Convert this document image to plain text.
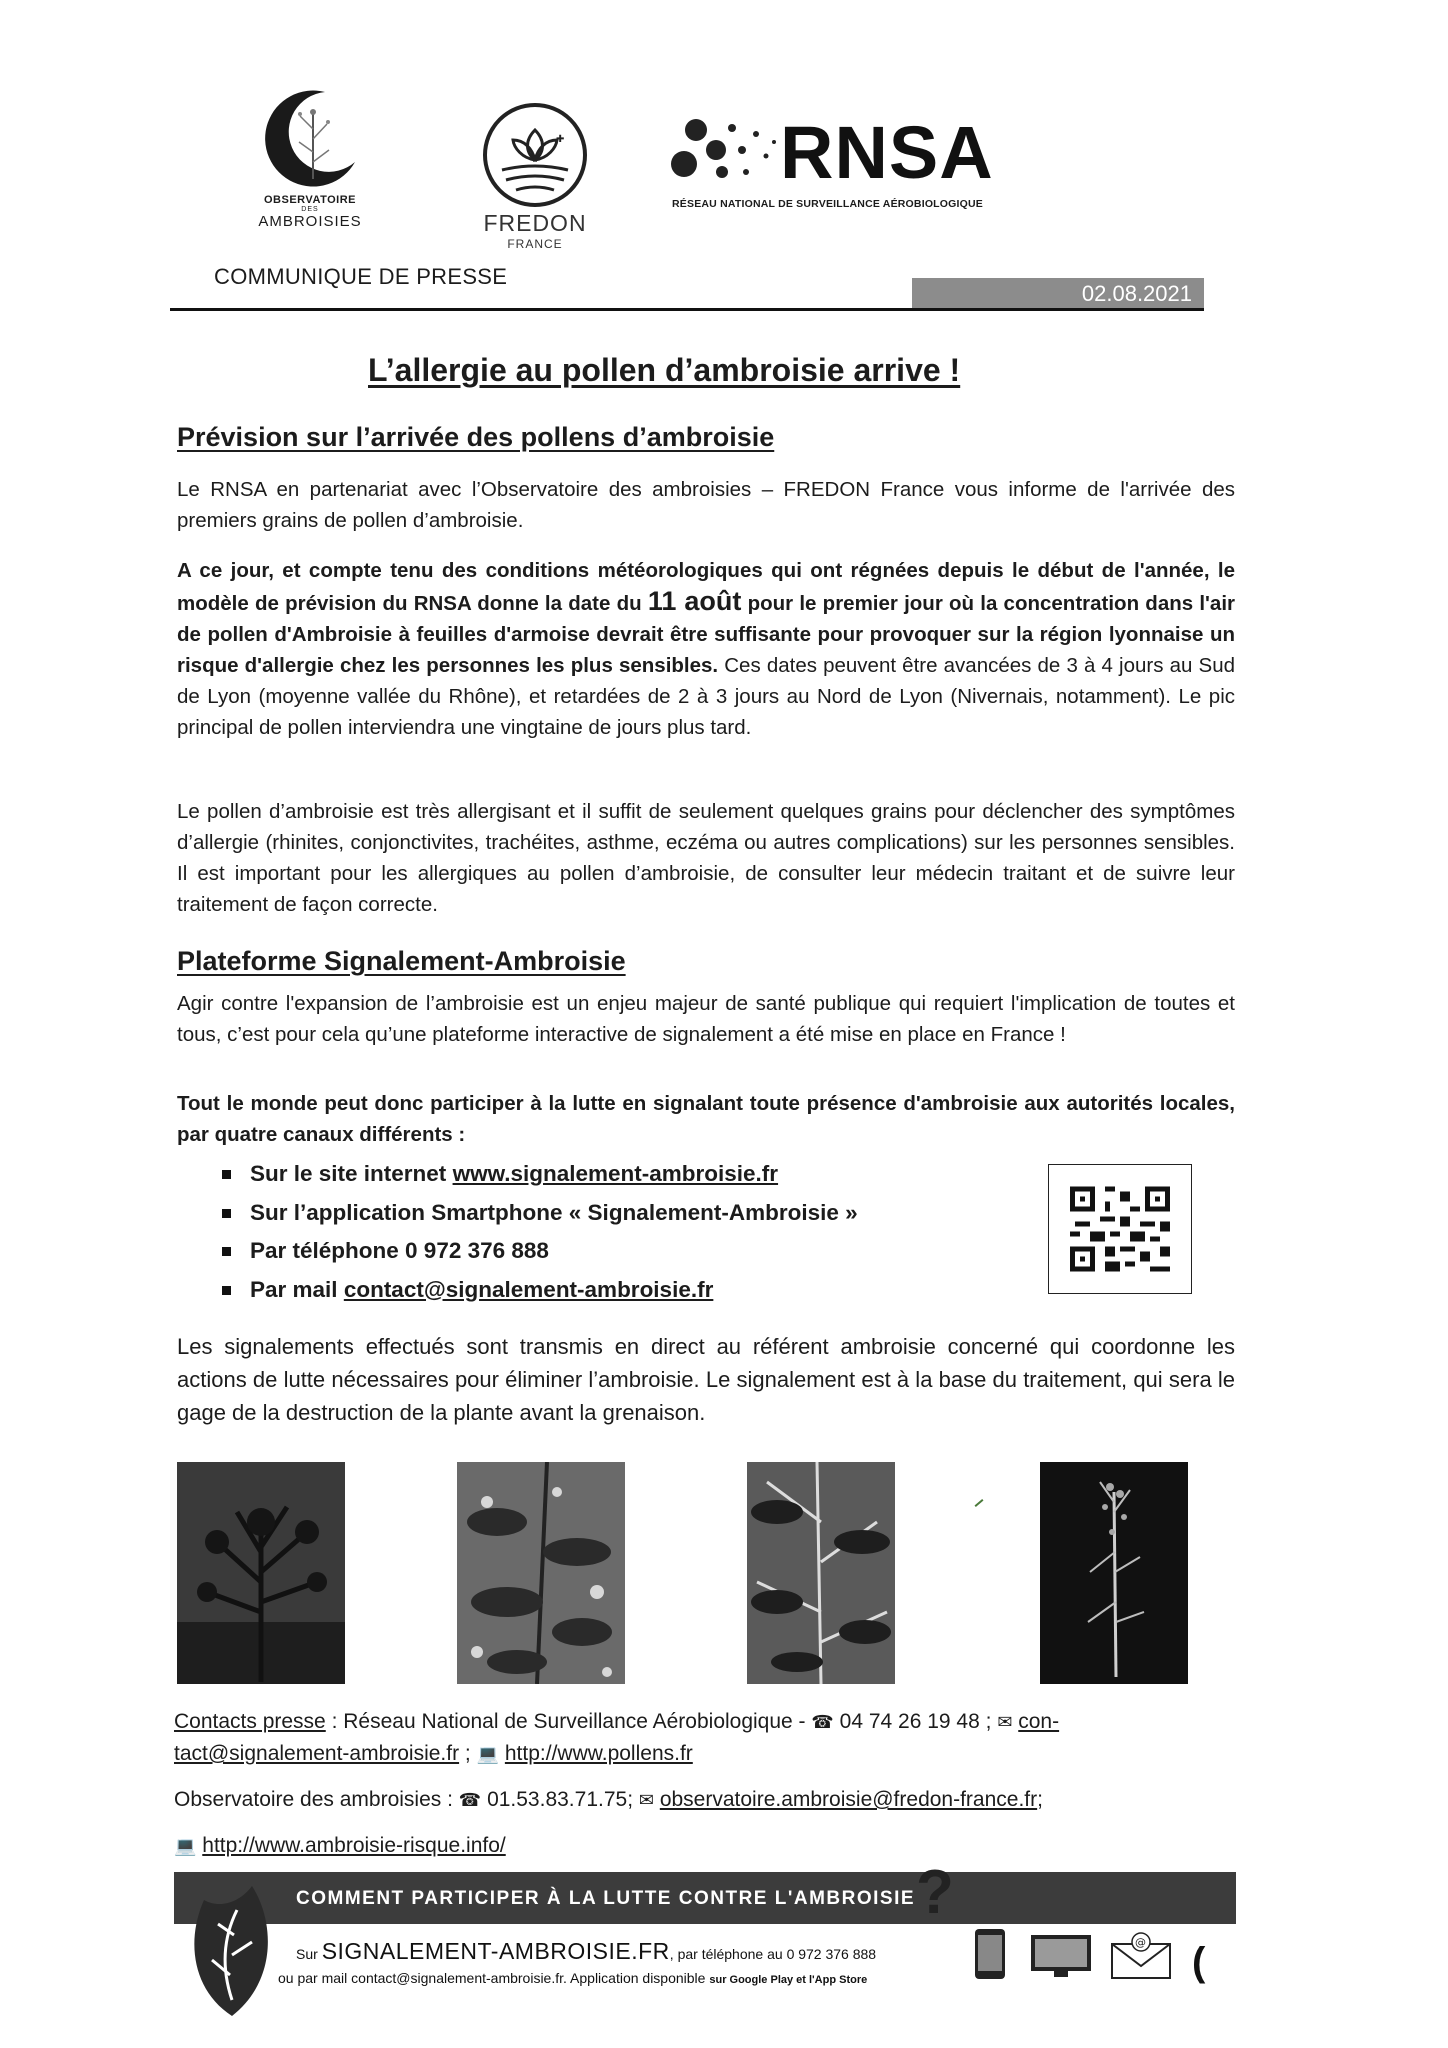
OBSERVATOIRE
DES
AMBROISIES
✚
FREDON
FRANCE
RNSA
RÉSEAU NATIONAL DE SURVEILLANCE AÉROBIOLOGIQUE
COMMUNIQUE DE PRESSE
02.08.2021
L’allergie au pollen d’ambroisie arrive !
Prévision sur l’arrivée des pollens d’ambroisie
Le RNSA en partenariat avec l’Observatoire des ambroisies – FREDON France vous informe de l'arrivée des premiers grains de pollen d’ambroisie.
A ce jour, et compte tenu des conditions météorologiques qui ont régnées depuis le début de l'année, le modèle de prévision du RNSA donne la date du 11 août pour le premier jour où la concentration dans l'air de pollen d'Ambroisie à feuilles d'armoise devrait être suffisante pour provoquer sur la région lyonnaise un risque d'allergie chez les personnes les plus sensibles. Ces dates peuvent être avancées de 3 à 4 jours au Sud de Lyon (moyenne vallée du Rhône), et retardées de 2 à 3 jours au Nord de Lyon (Nivernais, notamment). Le pic principal de pollen interviendra une vingtaine de jours plus tard.
Le pollen d’ambroisie est très allergisant et il suffit de seulement quelques grains pour déclencher des symptômes d’allergie (rhinites, conjonctivites, trachéites, asthme, eczéma ou autres complications) sur les personnes sensibles. Il est important pour les allergiques au pollen d’ambroisie, de consulter leur médecin traitant et de suivre leur traitement de façon correcte.
Plateforme Signalement-Ambroisie
Agir contre l'expansion de l’ambroisie est un enjeu majeur de santé publique qui requiert l'implication de toutes et tous, c’est pour cela qu’une plateforme interactive de signalement a été mise en place en France !
Tout le monde peut donc participer à la lutte en signalant toute présence d'ambroisie aux autorités locales, par quatre canaux différents :
Sur le site internet www.signalement-ambroisie.fr
Sur l’application Smartphone « Signalement-Ambroisie »
Par téléphone 0 972 376 888
Par mail contact@signalement-ambroisie.fr
Les signalements effectués sont transmis en direct au référent ambroisie concerné qui coordonne les actions de lutte nécessaires pour éliminer l’ambroisie. Le signalement est à la base du traitement, qui sera le gage de la destruction de la plante avant la grenaison.
Contacts presse : Réseau National de Surveillance Aérobiologique - ☎ 04 74 26 19 48 ; ✉ con-
tact@signalement-ambroisie.fr ; 💻 http://www.pollens.fr
Observatoire des ambroisies : ☎ 01.53.83.71.75; ✉ observatoire.ambroisie@fredon-france.fr;
💻 http://www.ambroisie-risque.info/
COMMENT PARTICIPER À LA LUTTE CONTRE L'AMBROISIE ?
Sur SIGNALEMENT-AMBROISIE.FR, par téléphone au 0 972 376 888
ou par mail contact@signalement-ambroisie.fr. Application disponible sur Google Play et l'App Store
@ (
